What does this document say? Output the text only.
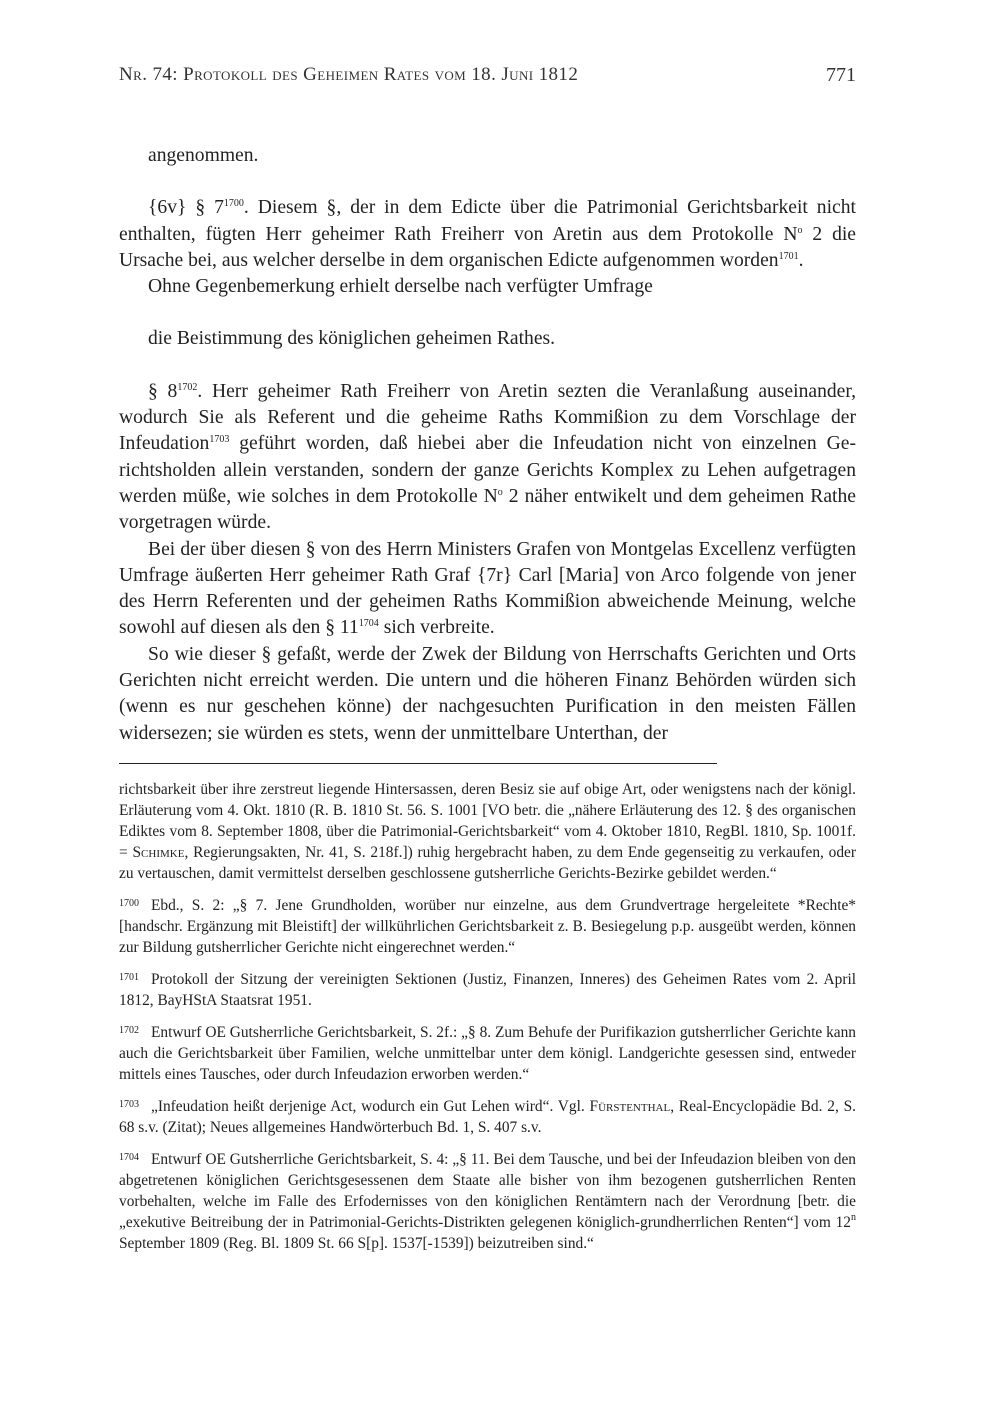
Nr. 74: Protokoll des Geheimen Rates vom 18. Juni 1812	771

angenommen.

{6v} § $7^{1700}$. Diesem §, der in dem Edicte über die Patrimonial Gerichtsbarkeit nicht enthalten, fügten Herr geheimer Rath Freiherr von Aretin aus dem Protokolle $N^o$ 2 die Ursache bei, aus welcher derselbe in dem organischen Edicte aufgenommen worden$^{1701}$.

Ohne Gegenbemerkung erhielt derselbe nach verfügter Umfrage

die Beistimmung des königlichen geheimen Rathes.

§ $8^{1702}$. Herr geheimer Rath Freiherr von Aretin sezten die Veranlaßung auseinander, wodurch Sie als Referent und die geheime Raths Kommißion zu dem Vorschlage der Infeudation$^{1703}$ geführt worden, daß hiebei aber die Infeudation nicht von einzelnen Gerichtsholden allein verstanden, sondern der ganze Gerichts Komplex zu Lehen aufgetragen werden müße, wie solches in dem Protokolle $N^o$ 2 näher entwikelt und dem geheimen Rathe vorgetragen würde.

Bei der über diesen § von des Herrn Ministers Grafen von Montgelas Excellenz verfügten Umfrage äußerten Herr geheimer Rath Graf {7r} Carl [Maria] von Arco folgende von jener des Herrn Referenten und der geheimen Raths Kommißion abweichende Meinung, welche sowohl auf diesen als den § $11^{1704}$ sich verbreite.

So wie dieser § gefaßt, werde der Zwek der Bildung von Herrschafts Gerichten und Orts Gerichten nicht erreicht werden. Die untern und die höheren Finanz Behörden würden sich (wenn es nur geschehen könne) der nachgesuchten Purification in den meisten Fällen widersezen; sie würden es stets, wenn der unmittelbare Unterthan, der

richtsbarkeit über ihre zerstreut liegende Hintersassen, deren Besiz sie auf obige Art, oder wenigstens nach der königl. Erläuterung vom 4. Okt. 1810 (R. B. 1810 St. 56. S. 1001 [VO betr. die „nähere Erläuterung des 12. § des organischen Ediktes vom 8. September 1808, über die Patrimonial-Gerichtsbarkeit“ vom 4. Oktober 1810, RegBl. 1810, Sp. 1001f. = Schimke, Regierungsakten, Nr. 41, S. 218f.]) ruhig hergebracht haben, zu dem Ende gegenseitig zu verkaufen, oder zu vertauschen, damit vermittelst derselben geschlossene gutsherrliche Gerichts-Bezirke gebildet werden.“

$^{1700}$ Ebd., S. 2: „§ 7. Jene Grundholden, worüber nur einzelne, aus dem Grundvertrage hergeleitete *Rechte* [handschr. Ergänzung mit Bleistift] der willkührlichen Gerichtsbarkeit z. B. Besiegelung p.p. ausgeübt werden, können zur Bildung gutsherrlicher Gerichte nicht eingerechnet werden.“

$^{1701}$ Protokoll der Sitzung der vereinigten Sektionen (Justiz, Finanzen, Inneres) des Geheimen Rates vom 2. April 1812, BayHStA Staatsrat 1951.

$^{1702}$ Entwurf OE Gutsherrliche Gerichtsbarkeit, S. 2f.: „§ 8. Zum Behufe der Purifikazion gutsherrlicher Gerichte kann auch die Gerichtsbarkeit über Familien, welche unmittelbar unter dem königl. Landgerichte gesessen sind, entweder mittels eines Tausches, oder durch Infeudazion erworben werden.“

$^{1703}$ „Infeudation heißt derjenige Act, wodurch ein Gut Lehen wird“. Vgl. Fürstenthal, Real-Encyclopädie Bd. 2, S. 68 s.v. (Zitat); Neues allgemeines Handwörterbuch Bd. 1, S. 407 s.v.

$^{1704}$ Entwurf OE Gutsherrliche Gerichtsbarkeit, S. 4: „§ 11. Bei dem Tausche, und bei der Infeudazion bleiben von den abgetretenen königlichen Gerichtsgesessenen dem Staate alle bisher von ihm bezogenen gutsherrlichen Renten vorbehalten, welche im Falle des Erfodernisses von den königlichen Rentämtern nach der Verordnung [betr. die „exekutive Beitreibung der in Patrimonial-Gerichts-Distrikten gelegenen königlich-grundherrlichen Renten“] vom 12$^n$ September 1809 (Reg. Bl. 1809 St. 66 S[p]. 1537[-1539]) beizutreiben sind.“
